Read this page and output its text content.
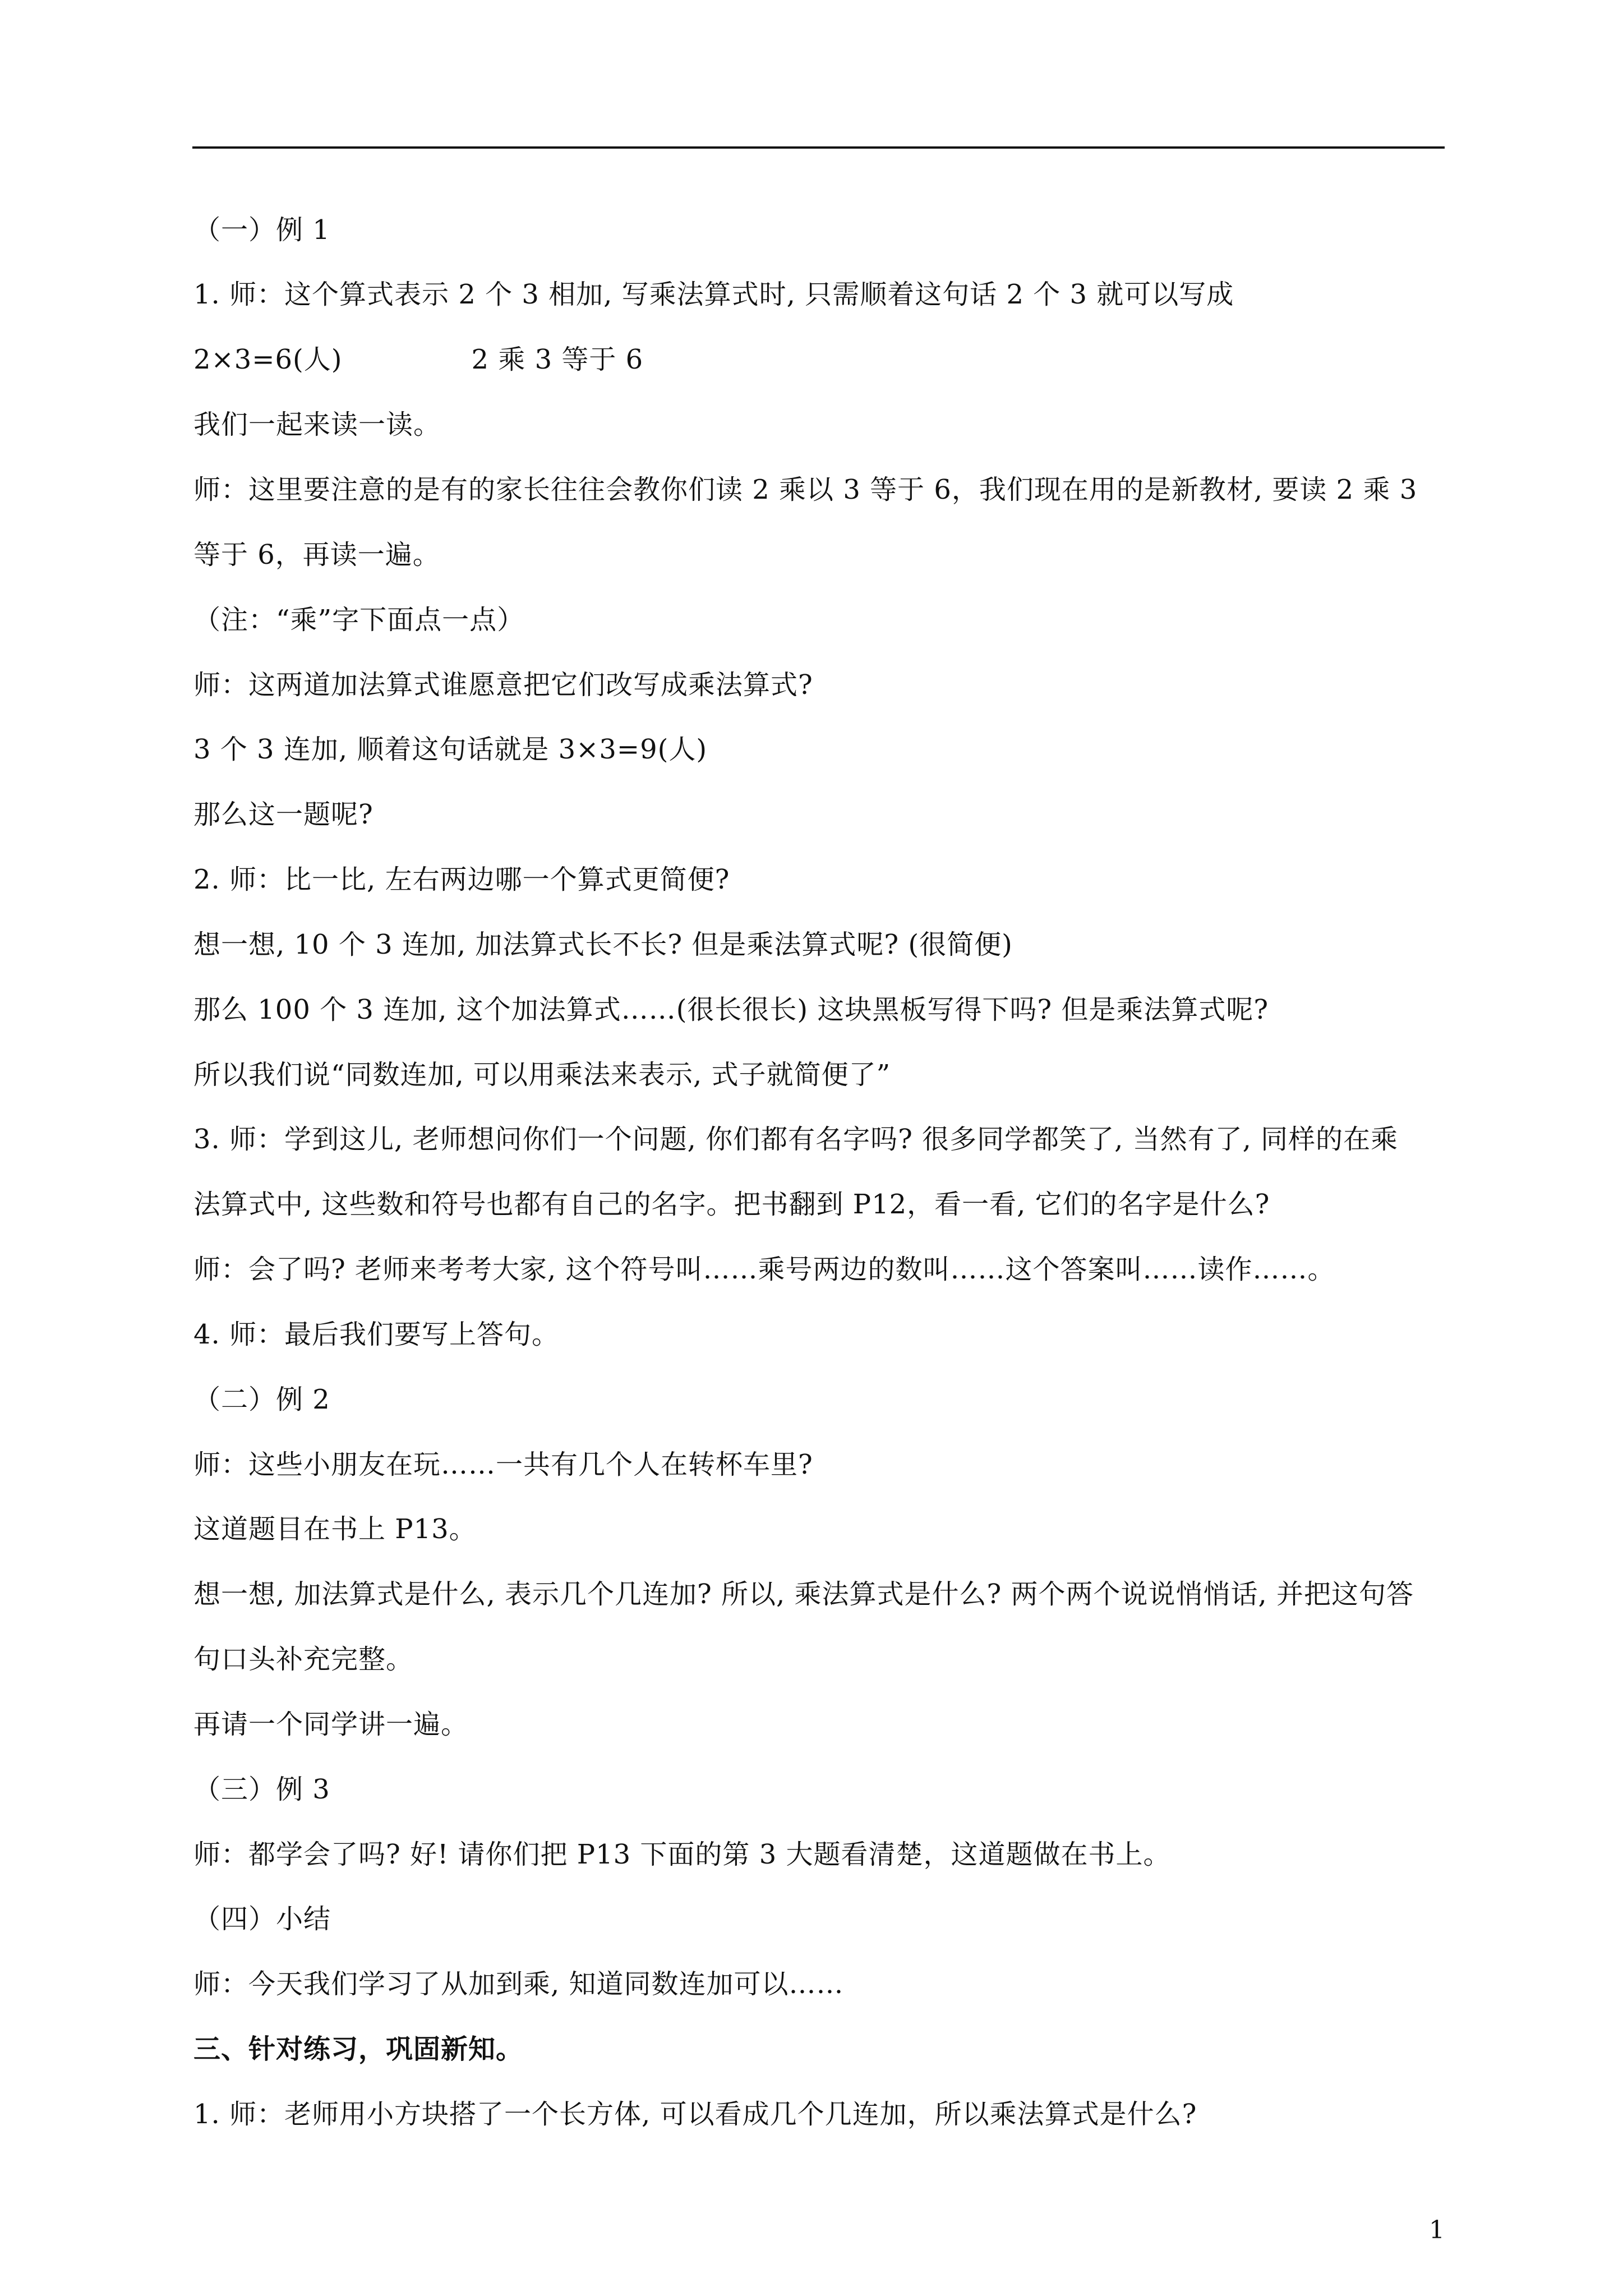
（一）例 1
1. 师：这个算式表示 2 个 3 相加, 写乘法算式时, 只需顺着这句话 2 个 3 就可以写成
2×3=6(人)	2 乘 3 等于 6
我们一起来读一读。
师：这里要注意的是有的家长往往会教你们读 2 乘以 3 等于 6，我们现在用的是新教材, 要读 2 乘 3
等于 6，再读一遍。
（注：“乘”字下面点一点）
师：这两道加法算式谁愿意把它们改写成乘法算式?
3 个 3 连加, 顺着这句话就是 3×3=9(人)
那么这一题呢?
2. 师：比一比, 左右两边哪一个算式更简便?
想一想, 10 个 3 连加, 加法算式长不长? 但是乘法算式呢? (很简便)
那么 100 个 3 连加, 这个加法算式……(很长很长) 这块黑板写得下吗? 但是乘法算式呢?
所以我们说“同数连加, 可以用乘法来表示, 式子就简便了”
3. 师：学到这儿, 老师想问你们一个问题, 你们都有名字吗? 很多同学都笑了, 当然有了, 同样的在乘
法算式中, 这些数和符号也都有自己的名字。把书翻到 P12，看一看, 它们的名字是什么?
师：会了吗? 老师来考考大家, 这个符号叫……乘号两边的数叫……这个答案叫……读作……。
4. 师：最后我们要写上答句。
（二）例 2
师：这些小朋友在玩……一共有几个人在转杯车里?
这道题目在书上 P13。
想一想, 加法算式是什么, 表示几个几连加? 所以, 乘法算式是什么? 两个两个说说悄悄话, 并把这句答
句口头补充完整。
再请一个同学讲一遍。
（三）例 3
师：都学会了吗? 好! 请你们把 P13 下面的第 3 大题看清楚，这道题做在书上。
（四）小结
师：今天我们学习了从加到乘, 知道同数连加可以……
三、针对练习，巩固新知。
1. 师：老师用小方块搭了一个长方体, 可以看成几个几连加，所以乘法算式是什么?
1
